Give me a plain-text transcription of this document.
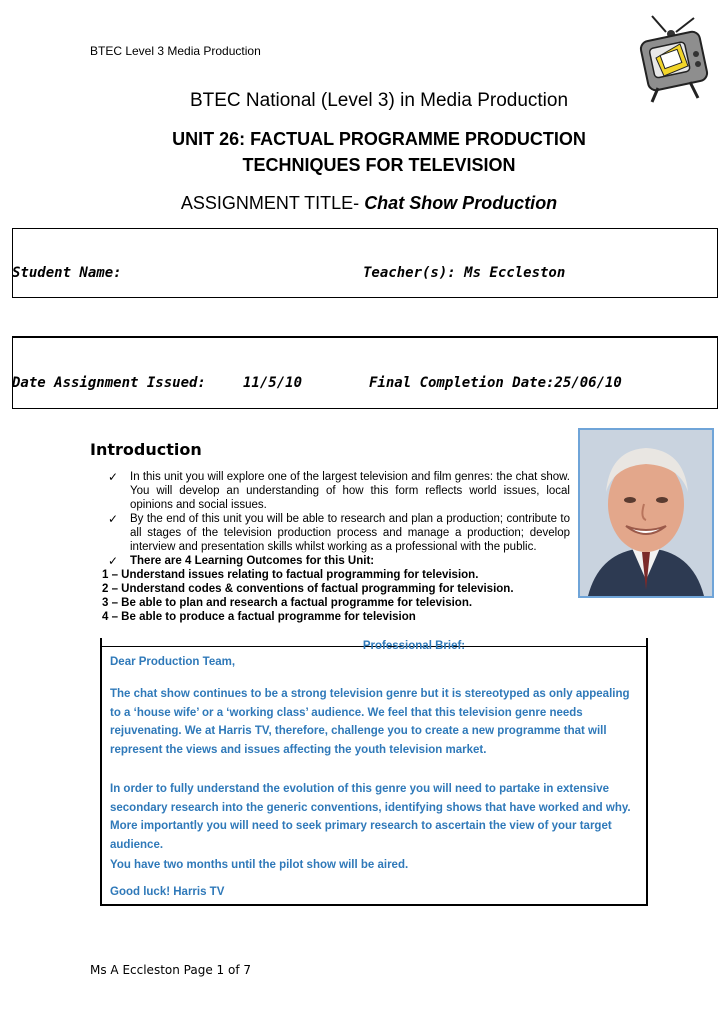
BTEC Level 3 Media Production
BTEC National (Level 3) in Media Production
UNIT 26: FACTUAL PROGRAMME PRODUCTION
TECHNIQUES FOR TELEVISION
ASSIGNMENT TITLE- Chat Show Production
Student Name:	Teacher(s): Ms Eccleston
Date Assignment Issued:	11/5/10	Final Completion Date:25/06/10
Introduction
✓	In this unit you will explore one of the largest television and film genres: the chat show. You will develop an understanding of how this form reflects world issues, local opinions and social issues.
✓	By the end of this unit you will be able to research and plan a production; contribute to all stages of the television production process and manage a production; develop interview and presentation skills whilst working as a professional with the public.
✓	There are 4 Learning Outcomes for this Unit:
1 – Understand issues relating to factual programming for television.
2 – Understand codes & conventions of factual programming for television.
3 – Be able to plan and research a factual programme for television.
4 – Be able to produce a factual programme for television
Professional Brief:
Dear Production Team,
The chat show continues to be a strong television genre but it is stereotyped as only appealing to a ‘house wife’ or a ‘working class’ audience. We feel that this television genre needs rejuvenating. We at Harris TV, therefore, challenge you to create a new programme that will represent the views and issues affecting the youth television market.
In order to fully understand the evolution of this genre you will need to partake in extensive secondary research into the generic conventions, identifying shows that have worked and why. More importantly you will need to seek primary research to ascertain the view of your target audience.
You have two months until the pilot show will be aired.
Good luck! Harris TV
Ms A Eccleston Page 1 of 7
